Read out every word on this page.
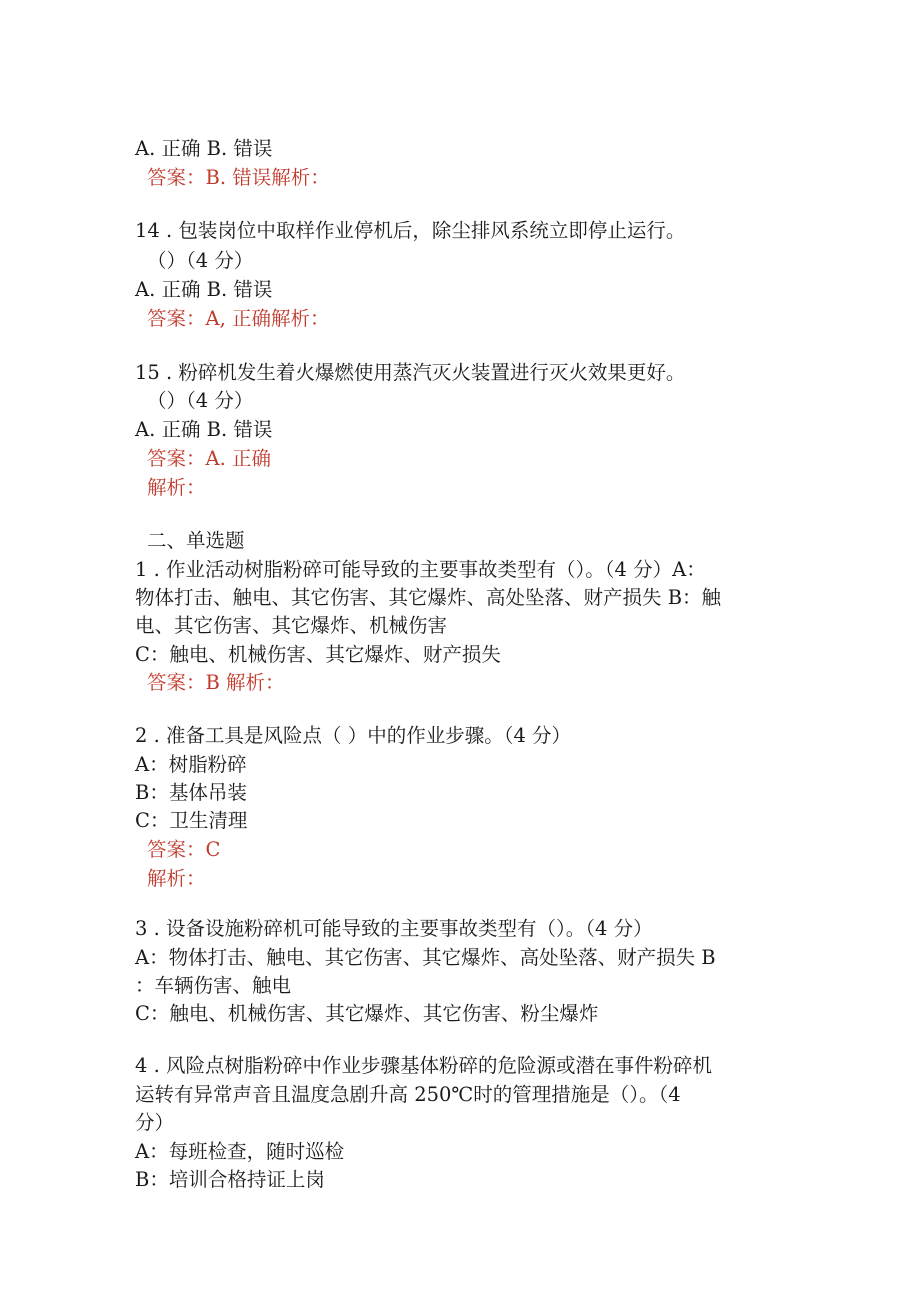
A. 正确 B. 错误
答案：B. 错误解析：
14 . 包装岗位中取样作业停机后，除尘排风系统立即停止运行。
（）（4 分）
A. 正确 B. 错误
答案：A, 正确解析：
15 . 粉碎机发生着火爆燃使用蒸汽灭火装置进行灭火效果更好。
（）（4 分）
A. 正确 B. 错误
答案：A. 正确
解析：
二、单选题
1 . 作业活动树脂粉碎可能导致的主要事故类型有（）。（4 分）A：
物体打击、触电、其它伤害、其它爆炸、高处坠落、财产损失 B：触
电、其它伤害、其它爆炸、机械伤害
C：触电、机械伤害、其它爆炸、财产损失
答案：B 解析：
2 . 准备工具是风险点（ ）中的作业步骤。（4 分）
A：树脂粉碎
B：基体吊装
C：卫生清理
答案：C
解析：
3 . 设备设施粉碎机可能导致的主要事故类型有（）。（4 分）
A：物体打击、触电、其它伤害、其它爆炸、高处坠落、财产损失 B
：车辆伤害、触电
C：触电、机械伤害、其它爆炸、其它伤害、粉尘爆炸
4 . 风险点树脂粉碎中作业步骤基体粉碎的危险源或潜在事件粉碎机
运转有异常声音且温度急剧升高 250℃时的管理措施是（）。（4
分）
A：每班检查，随时巡检
B：培训合格持证上岗
